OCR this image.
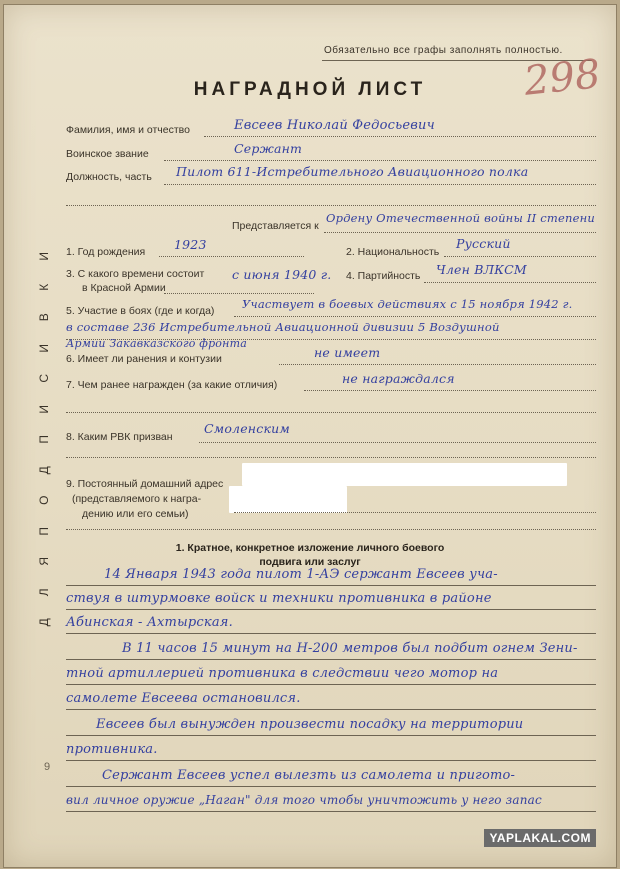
Обязательно все графы заполнять полностью.
298
НАГРАДНОЙ ЛИСТ
И
К
В
И
С
И
П
Д
О
П
Я
Л
Д
Фамилия, имя и отчество	Евсеев Николай Федосьевич
Воинское звание	Сержант
Должность, часть Пилот 611-Истребительного Авиационного полка
Представляется к
Ордену Отечественной войны II степени
1. Год рождения 1923	2. Национальность
Русский
3. С какого времени состоит
в Красной Армии
с июня 1940 г. 4. Партийность Член ВЛКСМ
5. Участие в боях (где и когда) Участвует в боевых действиях с 15 ноября 1942 г.
в составе 236 Истребительной Авиационной дивизии 5 Воздушной
Армии Закавказского фронта
6. Имеет ли ранения и контузии	не имеет
7. Чем ранее награжден (за какие отличия)	не награждался
8. Каким РВК призван
Смоленским
9. Постоянный домашний адрес
(представляемого к награ-
дению или его семьи)
1. Кратное, конкретное изложение личного боевого
подвига или заслуг
14 Января 1943 года пилот 1-АЭ сержант Евсеев уча-
ствуя в штурмовке войск и техники противника в районе
Абинская - Ахтырская.
В 11 часов 15 минут на Н-200 метров был подбит огнем Зени-
тной артиллерией противника в следствии чего мотор на
самолете Евсеева остановился.
Евсеев был вынужден произвести посадку на территории
противника.
Сержант Евсеев успел вылезть из самолета и пригото-
вил личное оружие „Наган" для того чтобы уничтожить у него запас
9
YAPLAKAL.COM
